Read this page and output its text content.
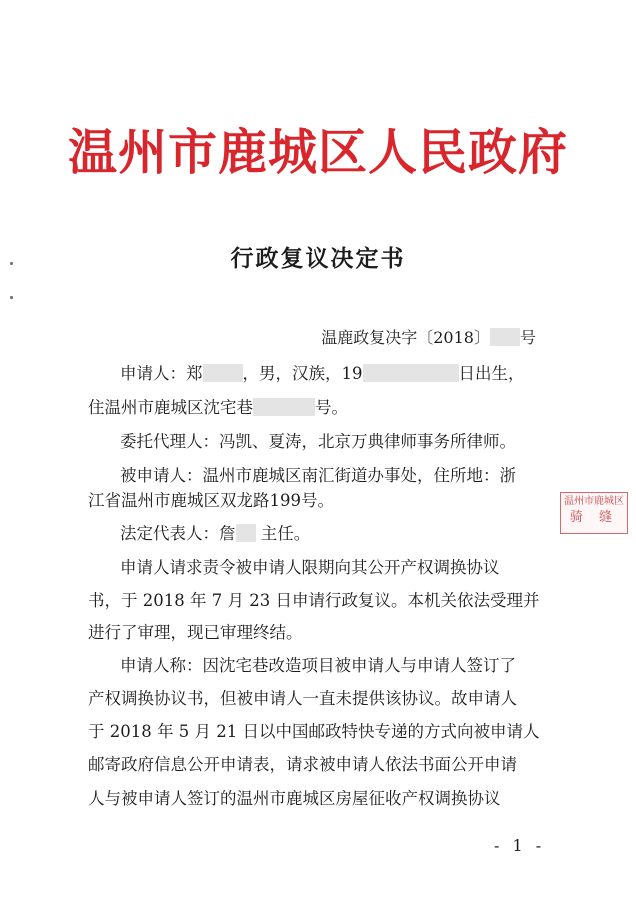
温州市鹿城区人民政府
行政复议决定书
温鹿政复决字〔2018〕 号
申请人：郑 ，男，汉族，19	日出生，
住温州市鹿城区沈宅巷	号。
委托代理人：冯凯、夏涛，北京万典律师事务所律师。
被申请人：温州市鹿城区南汇街道办事处，住所地：浙
江省温州市鹿城区双龙路199号。
法定代表人：詹 主任。
申请人请求责令被申请人限期向其公开产权调换协议
书，于 2018 年 7 月 23 日申请行政复议。本机关依法受理并
进行了审理，现已审理终结。
申请人称：因沈宅巷改造项目被申请人与申请人签订了
产权调换协议书，但被申请人一直未提供该协议。故申请人
于 2018 年 5 月 21 日以中国邮政特快专递的方式向被申请人
邮寄政府信息公开申请表，请求被申请人依法书面公开申请
人与被申请人签订的温州市鹿城区房屋征收产权调换协议
温州市鹿城区
骑 缝
- 1 -
